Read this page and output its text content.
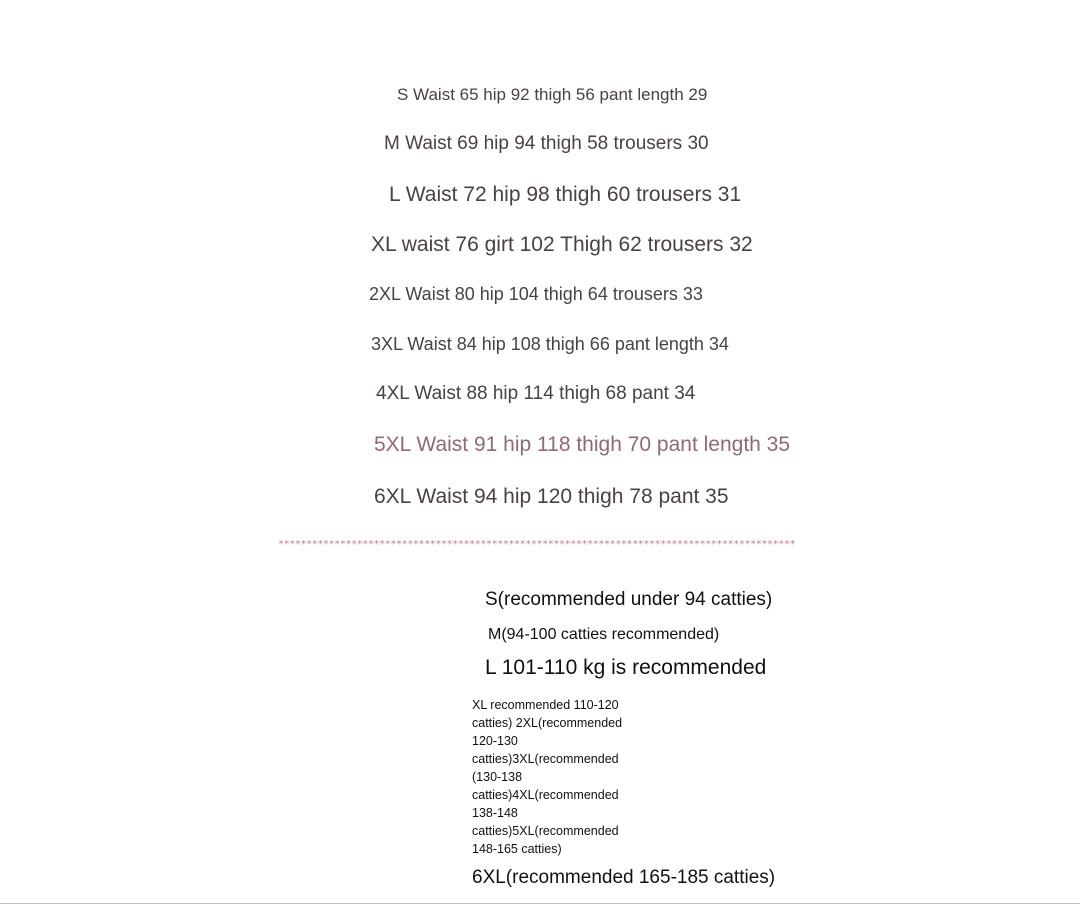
S Waist 65 hip 92 thigh 56 pant length 29
M Waist 69 hip 94 thigh 58 trousers 30
L Waist 72 hip 98 thigh 60 trousers 31
XL waist 76 girt 102 Thigh 62 trousers 32
2XL Waist 80 hip 104 thigh 64 trousers 33
3XL Waist 84 hip 108 thigh 66 pant length 34
4XL Waist 88 hip 114 thigh 68 pant 34
5XL Waist 91 hip 118 thigh 70 pant length 35
6XL Waist 94 hip 120 thigh 78 pant 35
********************************************************************************************
S(recommended under 94 catties)
M(94-100 catties recommended)
L 101-110 kg is recommended
XL recommended 110-120
catties) 2XL(recommended
120-130
catties)3XL(recommended
(130-138
catties)4XL(recommended
138-148
catties)5XL(recommended
148-165 catties)
6XL(recommended 165-185 catties)
